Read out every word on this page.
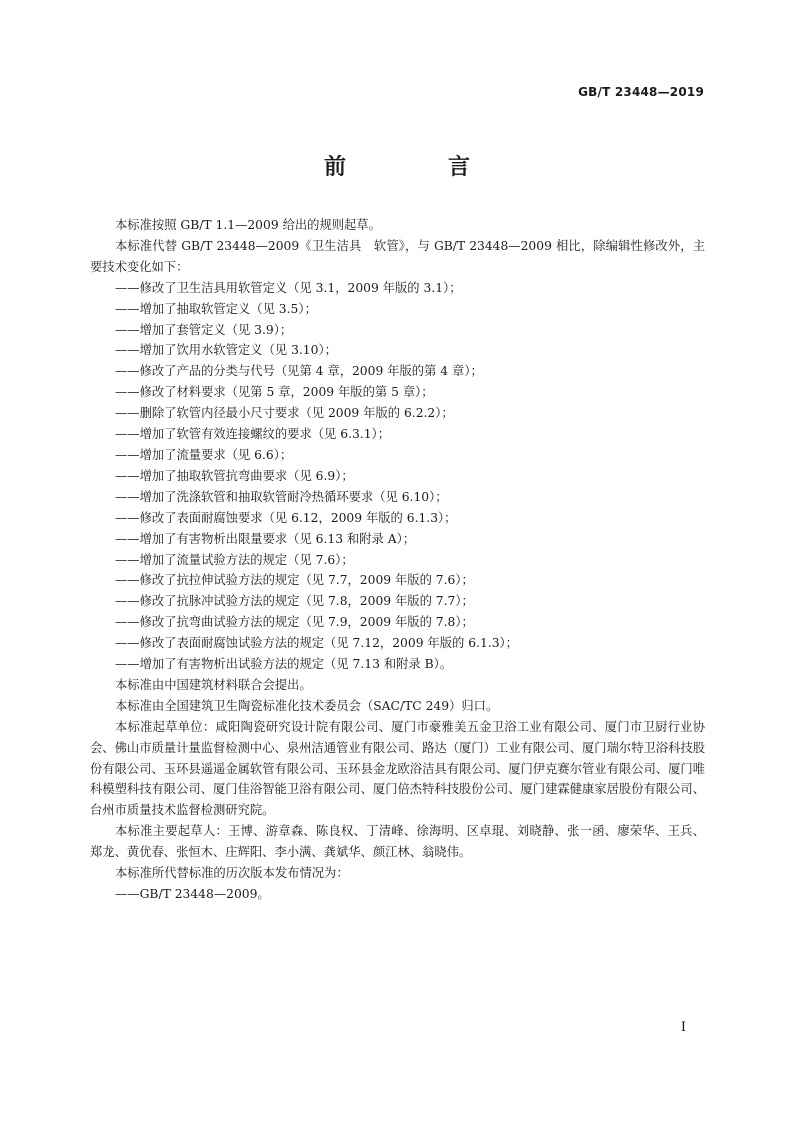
GB/T 23448—2019
前　言

本标准按照 GB/T 1.1—2009 给出的规则起草。

本标准代替 GB/T 23448—2009《卫生洁具　软管》，与 GB/T 23448—2009 相比，除编辑性修改外，主要技术变化如下：

——修改了卫生洁具用软管定义（见 3.1，2009 年版的 3.1）；

——增加了抽取软管定义（见 3.5）；

——增加了套管定义（见 3.9）；

——增加了饮用水软管定义（见 3.10）；

——修改了产品的分类与代号（见第 4 章，2009 年版的第 4 章）；

——修改了材料要求（见第 5 章，2009 年版的第 5 章）；

——删除了软管内径最小尺寸要求（见 2009 年版的 6.2.2）；

——增加了软管有效连接螺纹的要求（见 6.3.1）；

——增加了流量要求（见 6.6）；

——增加了抽取软管抗弯曲要求（见 6.9）；

——增加了洗涤软管和抽取软管耐冷热循环要求（见 6.10）；

——修改了表面耐腐蚀要求（见 6.12，2009 年版的 6.1.3）；

——增加了有害物析出限量要求（见 6.13 和附录 A）；

——增加了流量试验方法的规定（见 7.6）；

——修改了抗拉伸试验方法的规定（见 7.7，2009 年版的 7.6）；

——修改了抗脉冲试验方法的规定（见 7.8，2009 年版的 7.7）；

——修改了抗弯曲试验方法的规定（见 7.9，2009 年版的 7.8）；

——修改了表面耐腐蚀试验方法的规定（见 7.12，2009 年版的 6.1.3）；

——增加了有害物析出试验方法的规定（见 7.13 和附录 B）。

本标准由中国建筑材料联合会提出。

本标准由全国建筑卫生陶瓷标准化技术委员会（SAC/TC 249）归口。

本标准起草单位：咸阳陶瓷研究设计院有限公司、厦门市豪雅美五金卫浴工业有限公司、厦门市卫厨行业协会、佛山市质量计量监督检测中心、泉州洁通管业有限公司、路达（厦门）工业有限公司、厦门瑞尔特卫浴科技股份有限公司、玉环县遥遥金属软管有限公司、玉环县金龙欧浴洁具有限公司、厦门伊克赛尔管业有限公司、厦门唯科模塑科技有限公司、厦门佳浴智能卫浴有限公司、厦门倍杰特科技股份公司、厦门建霖健康家居股份有限公司、台州市质量技术监督检测研究院。

本标准主要起草人：王博、游章森、陈良权、丁清峰、徐海明、区卓琨、刘晓静、张一函、廖荣华、王兵、郑龙、黄优春、张恒木、庄辉阳、李小满、龚斌华、颜江林、翁晓伟。

本标准所代替标准的历次版本发布情况为：

——GB/T 23448—2009。

I
